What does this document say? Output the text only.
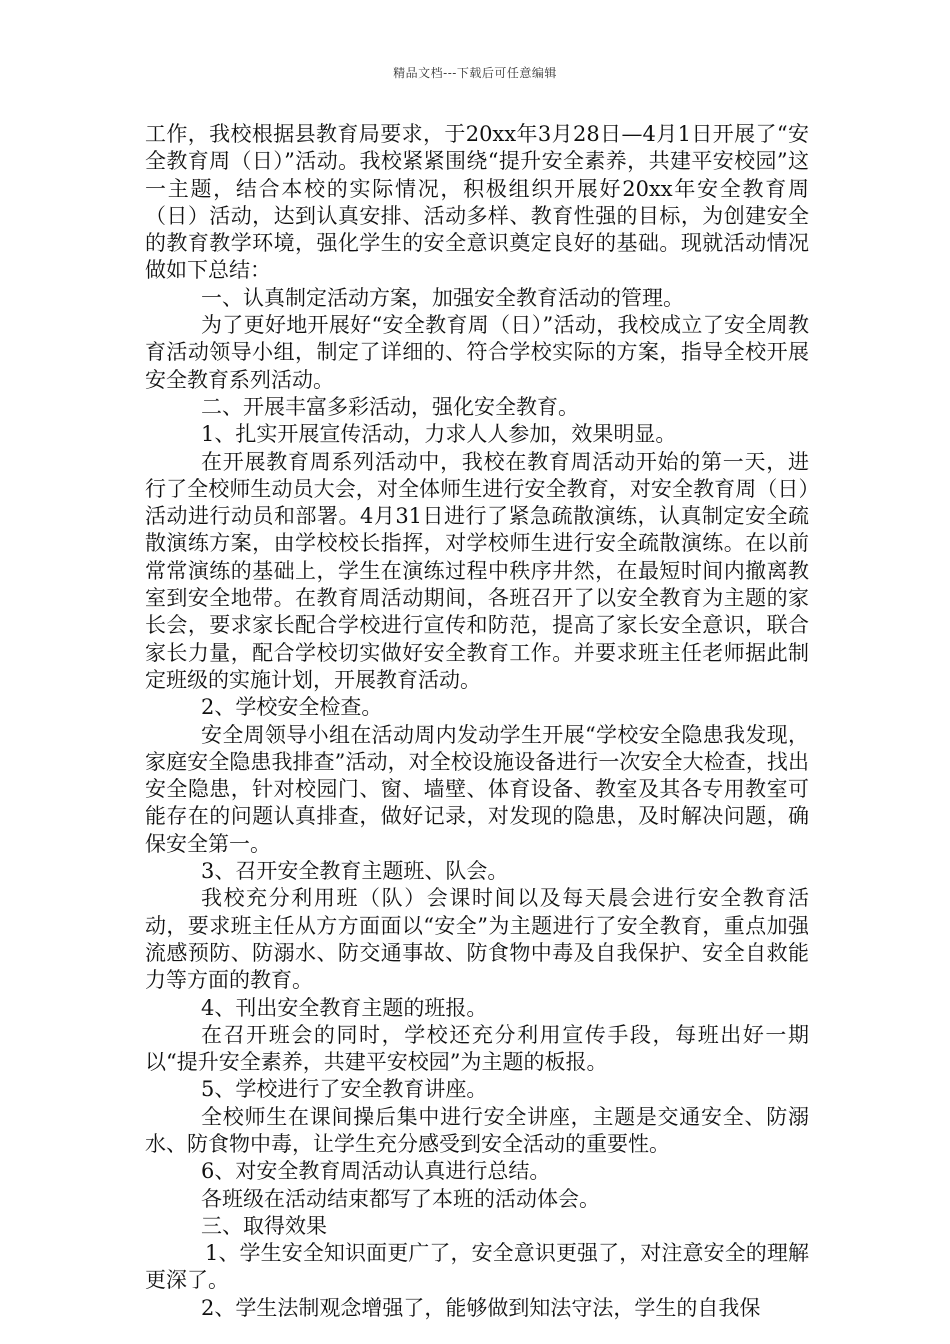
精品文档---下载后可任意编辑

工作，我校根据县教育局要求，于20xx年3月28日—4月1日开展了“安全教育周（日）”活动。我校紧紧围绕“提升安全素养，共建平安校园”这一主题，结合本校的实际情况，积极组织开展好20xx年安全教育周（日）活动，达到认真安排、活动多样、教育性强的目标，为创建安全的教育教学环境，强化学生的安全意识奠定良好的基础。现就活动情况做如下总结：

一、认真制定活动方案，加强安全教育活动的管理。

为了更好地开展好“安全教育周（日）”活动，我校成立了安全周教育活动领导小组，制定了详细的、符合学校实际的方案，指导全校开展安全教育系列活动。

二、开展丰富多彩活动，强化安全教育。

1、扎实开展宣传活动，力求人人参加，效果明显。

在开展教育周系列活动中，我校在教育周活动开始的第一天，进行了全校师生动员大会，对全体师生进行安全教育，对安全教育周（日）活动进行动员和部署。4月31日进行了紧急疏散演练，认真制定安全疏散演练方案，由学校校长指挥，对学校师生进行安全疏散演练。在以前常常演练的基础上，学生在演练过程中秩序井然，在最短时间内撤离教室到安全地带。在教育周活动期间，各班召开了以安全教育为主题的家长会，要求家长配合学校进行宣传和防范，提高了家长安全意识，联合家长力量，配合学校切实做好安全教育工作。并要求班主任老师据此制定班级的实施计划，开展教育活动。

2、学校安全检查。

安全周领导小组在活动周内发动学生开展“学校安全隐患我发现，家庭安全隐患我排查”活动，对全校设施设备进行一次安全大检查，找出安全隐患，针对校园门、窗、墙壁、体育设备、教室及其各专用教室可能存在的问题认真排查，做好记录，对发现的隐患，及时解决问题，确保安全第一。

3、召开安全教育主题班、队会。

我校充分利用班（队）会课时间以及每天晨会进行安全教育活动，要求班主任从方方面面以“安全”为主题进行了安全教育，重点加强流感预防、防溺水、防交通事故、防食物中毒及自我保护、安全自救能力等方面的教育。

4、刊出安全教育主题的班报。

在召开班会的同时，学校还充分利用宣传手段，每班出好一期以“提升安全素养，共建平安校园”为主题的板报。

5、学校进行了安全教育讲座。

全校师生在课间操后集中进行安全讲座，主题是交通安全、防溺水、防食物中毒，让学生充分感受到安全活动的重要性。

6、对安全教育周活动认真进行总结。

各班级在活动结束都写了本班的活动体会。

三、取得效果

1、学生安全知识面更广了，安全意识更强了，对注意安全的理解更深了。

2、学生法制观念增强了，能够做到知法守法，学生的自我保
